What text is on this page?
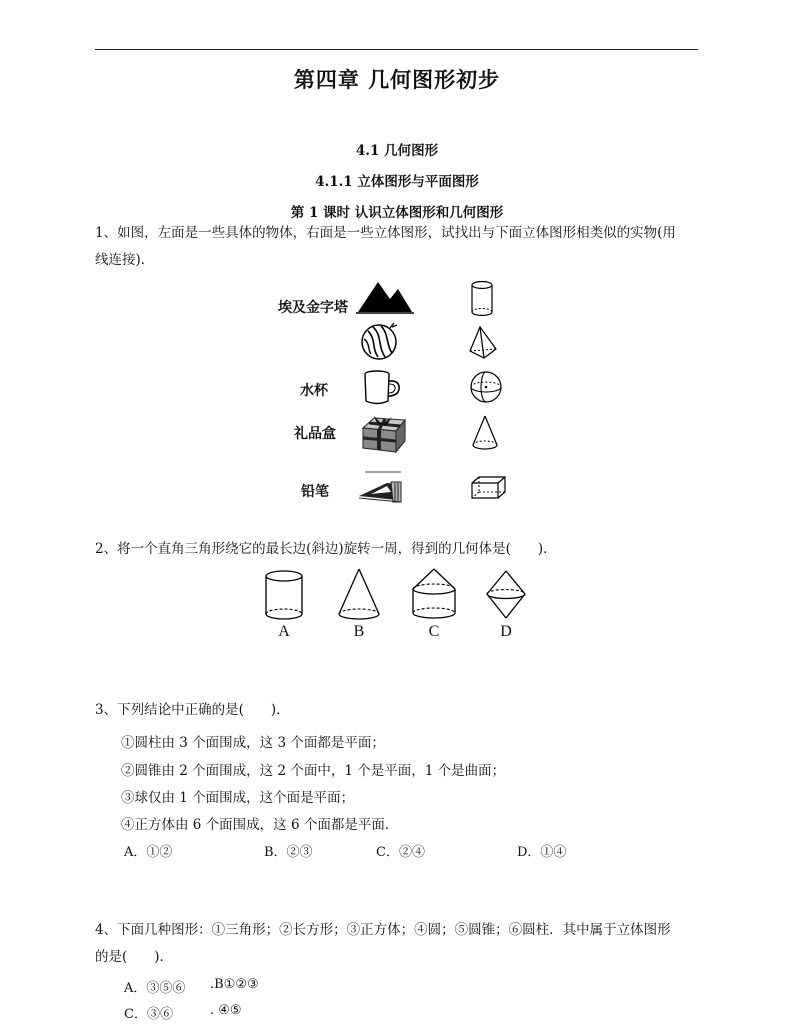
第四章 几何图形初步
4.1 几何图形
4.1.1 立体图形与平面图形
第 1 课时 认识立体图形和几何图形
1、如图，左面是一些具体的物体，右面是一些立体图形，试找出与下面立体图形相类似的实物(用
线连接)．
埃及金字塔
水杯
礼品盒
铅笔
2、将一个直角三角形绕它的最长边(斜边)旋转一周，得到的几何体是(　　)．
A	B	C	D
3、下列结论中正确的是(　　)．
①圆柱由 3 个面围成，这 3 个面都是平面；
②圆锥由 2 个面围成，这 2 个面中，1 个是平面，1 个是曲面；
③球仅由 1 个面围成，这个面是平面；
④正方体由 6 个面围成，这 6 个面都是平面．
A．①②	B．②③	C．②④	D．①④
4、下面几种图形：①三角形；②长方形；③正方体；④圆；⑤圆锥；⑥圆柱．其中属于立体图形
的是(　　)．
A．③⑤⑥ .B①②③
C．③⑥	. ④⑤
